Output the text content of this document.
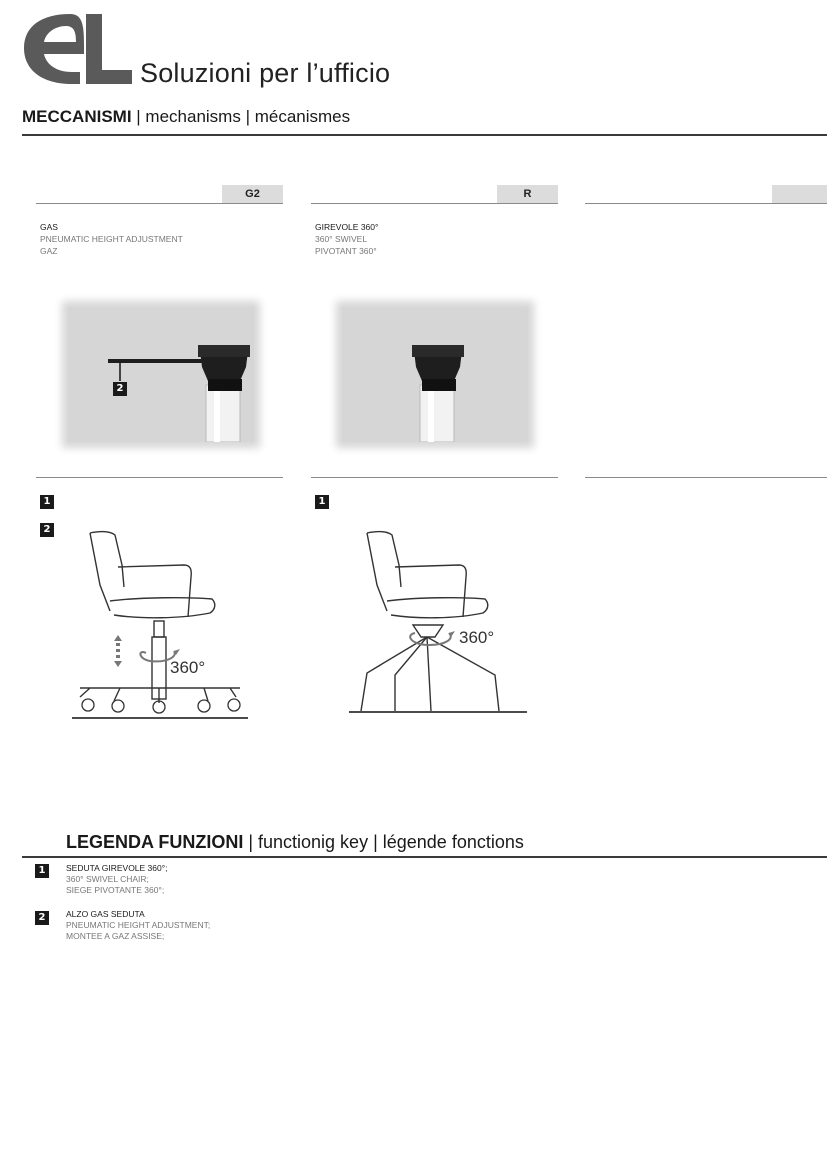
Soluzioni per l’ufficio
MECCANISMI | mechanisms | mécanismes
G2
GAS
PNEUMATIC HEIGHT ADJUSTMENT
GAZ
2
1
2
360°
R
GIREVOLE 360°
360° SWIVEL
PIVOTANT 360°
1
360°
LEGENDA FUNZIONI | functionig key | légende fonctions
1	SEDUTA GIREVOLE 360°;
360° SWIVEL CHAIR;
SIEGE PIVOTANTE 360°;
2	ALZO GAS SEDUTA
PNEUMATIC HEIGHT ADJUSTMENT;
MONTEE A GAZ ASSISE;
